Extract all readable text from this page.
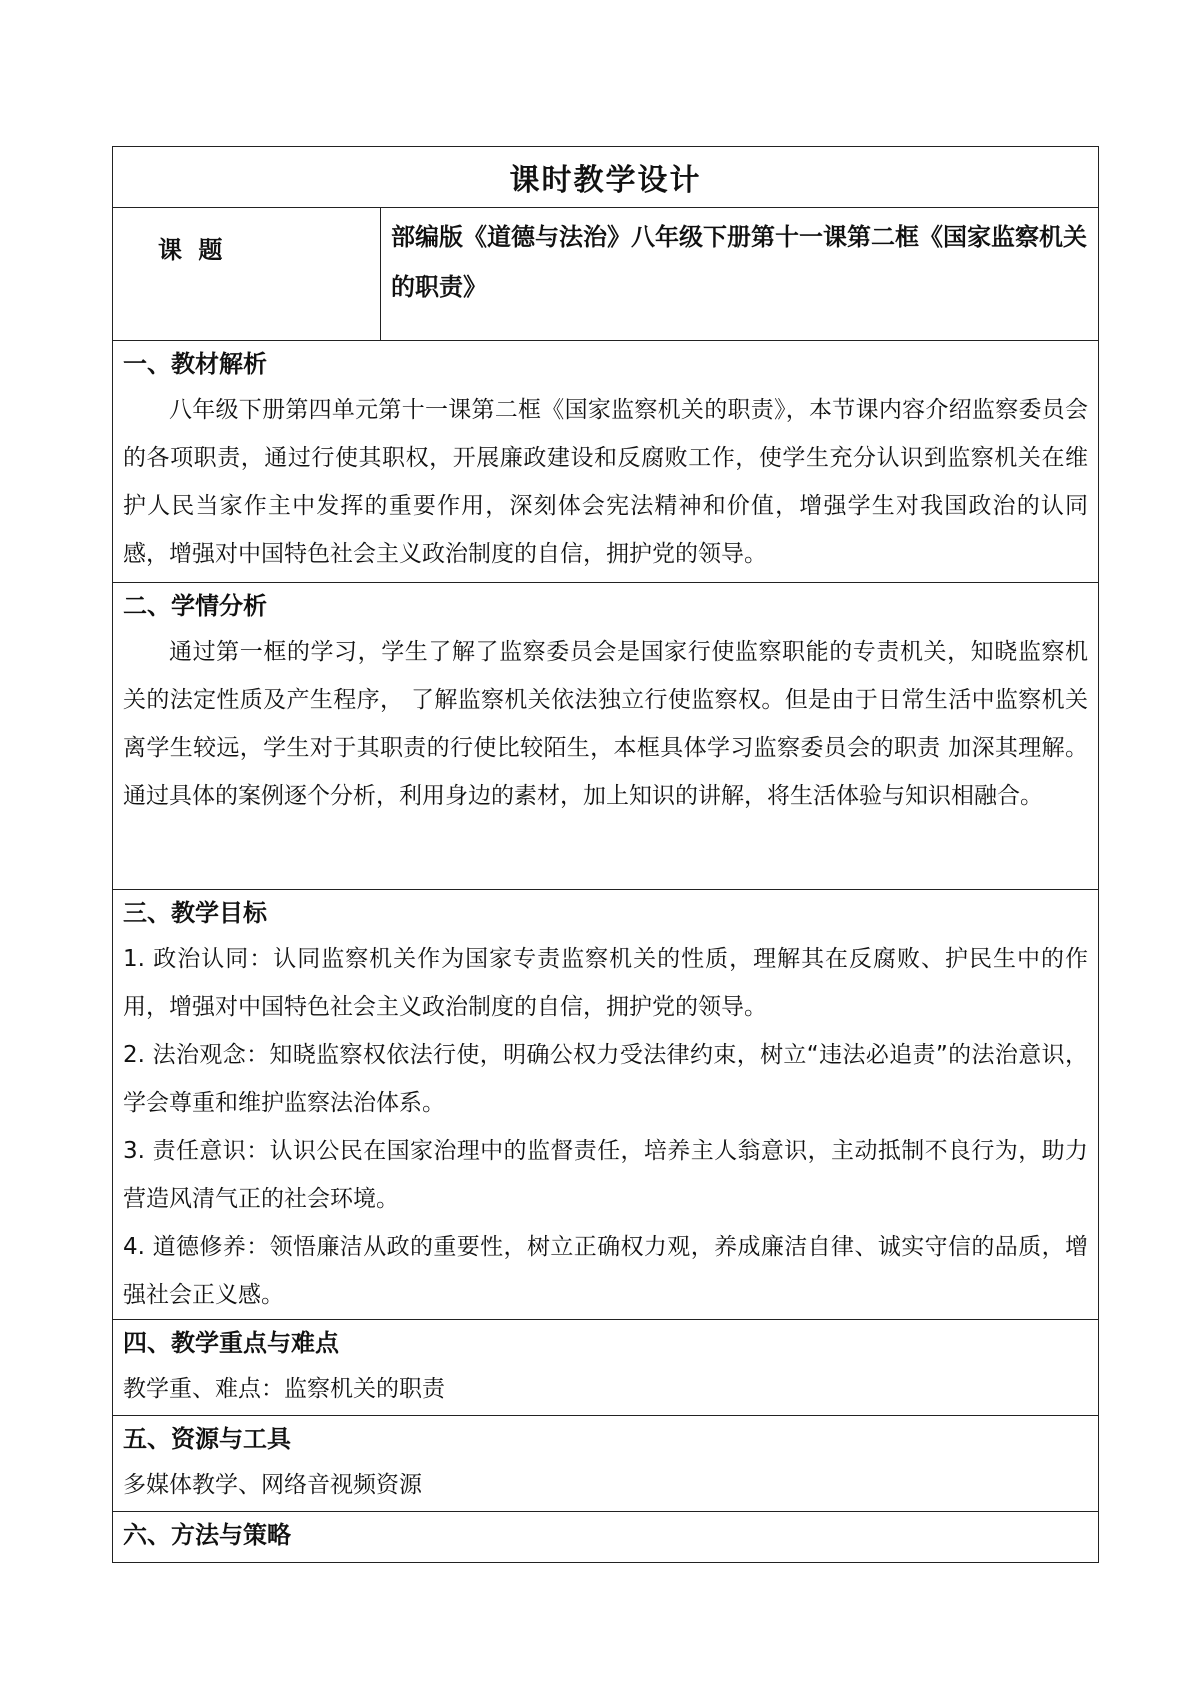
课时教学设计
课 题	部编版《道德与法治》八年级下册第十一课第二框《国家监察机关的职责》

一、教材解析

八年级下册第四单元第十一课第二框《国家监察机关的职责》，本节课内容介绍监察委员会的各项职责，通过行使其职权，开展廉政建设和反腐败工作，使学生充分认识到监察机关在维护人民当家作主中发挥的重要作用，深刻体会宪法精神和价值，增强学生对我国政治的认同感，增强对中国特色社会主义政治制度的自信，拥护党的领导。

二、学情分析

通过第一框的学习，学生了解了监察委员会是国家行使监察职能的专责机关，知晓监察机关的法定性质及产生程序， 了解监察机关依法独立行使监察权。但是由于日常生活中监察机关离学生较远，学生对于其职责的行使比较陌生，本框具体学习监察委员会的职责 加深其理解。通过具体的案例逐个分析，利用身边的素材，加上知识的讲解，将生活体验与知识相融合。

三、教学目标

1. 政治认同：认同监察机关作为国家专责监察机关的性质，理解其在反腐败、护民生中的作用，增强对中国特色社会主义政治制度的自信，拥护党的领导。

2. 法治观念：知晓监察权依法行使，明确公权力受法律约束，树立“违法必追责”的法治意识，学会尊重和维护监察法治体系。

3. 责任意识：认识公民在国家治理中的监督责任，培养主人翁意识，主动抵制不良行为，助力营造风清气正的社会环境。

4. 道德修养：领悟廉洁从政的重要性，树立正确权力观，养成廉洁自律、诚实守信的品质，增强社会正义感。

四、教学重点与难点

教学重、难点：监察机关的职责

五、资源与工具

多媒体教学、网络音视频资源

六、方法与策略
